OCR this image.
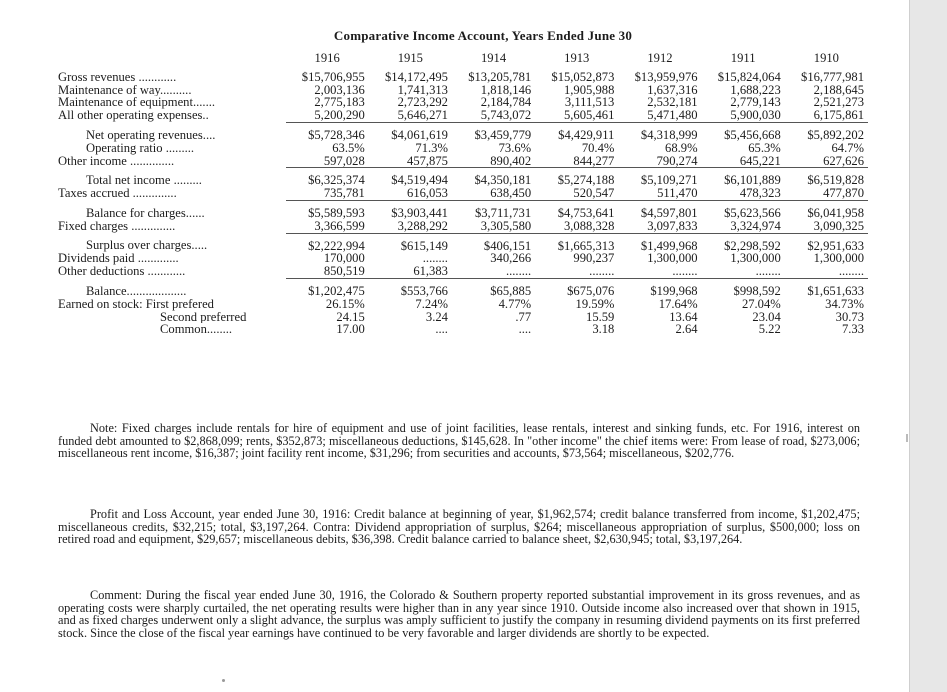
Comparative Income Account, Years Ended June 30
	1916	1915	1914	1913	1912	1911	1910
Gross revenues ............	$15,706,955	$14,172,495	$13,205,781	$15,052,873	$13,959,976	$15,824,064	$16,777,981
Maintenance of way..........	2,003,136	1,741,313	1,818,146	1,905,988	1,637,316	1,688,223	2,188,645
Maintenance of equipment.......	2,775,183	2,723,292	2,184,784	3,111,513	2,532,181	2,779,143	2,521,273
All other operating expenses..	5,200,290	5,646,271	5,743,072	5,605,461	5,471,480	5,900,030	6,175,861
Net operating revenues....	$5,728,346	$4,061,619	$3,459,779	$4,429,911	$4,318,999	$5,456,668	$5,892,202
Operating ratio .........	63.5%	71.3%	73.6%	70.4%	68.9%	65.3%	64.7%
Other income ..............	597,028	457,875	890,402	844,277	790,274	645,221	627,626
Total net income .........	$6,325,374	$4,519,494	$4,350,181	$5,274,188	$5,109,271	$6,101,889	$6,519,828
Taxes accrued ..............	735,781	616,053	638,450	520,547	511,470	478,323	477,870
Balance for charges......	$5,589,593	$3,903,441	$3,711,731	$4,753,641	$4,597,801	$5,623,566	$6,041,958
Fixed charges ..............	3,366,599	3,288,292	3,305,580	3,088,328	3,097,833	3,324,974	3,090,325
Surplus over charges.....	$2,222,994	$615,149	$406,151	$1,665,313	$1,499,968	$2,298,592	$2,951,633
Dividends paid .............	170,000	........	340,266	990,237	1,300,000	1,300,000	1,300,000
Other deductions ............	850,519	61,383	........	........	........	........	........
Balance...................	$1,202,475	$553,766	$65,885	$675,076	$199,968	$998,592	$1,651,633
Earned on stock: First prefered	26.15%	7.24%	4.77%	19.59%	17.64%	27.04%	34.73%
Second preferred	24.15	3.24	.77	15.59	13.64	23.04	30.73
Common........	17.00	....	....	3.18	2.64	5.22	7.33

Note: Fixed charges include rentals for hire of equipment and use of joint facilities, lease rentals, interest and sinking funds, etc. For 1916, interest on funded debt amounted to $2,868,099; rents, $352,873; miscellaneous deductions, $145,628. In "other income" the chief items were: From lease of road, $273,006; miscellaneous rent income, $16,387; joint facility rent income, $31,296; from securities and accounts, $73,564; miscellaneous, $202,776.

Profit and Loss Account, year ended June 30, 1916: Credit balance at beginning of year, $1,962,574; credit balance transferred from income, $1,202,475; miscellaneous credits, $32,215; total, $3,197,264. Contra: Dividend appropriation of surplus, $264; miscellaneous appropriation of surplus, $500,000; loss on retired road and equipment, $29,657; miscellaneous debits, $36,398. Credit balance carried to balance sheet, $2,630,945; total, $3,197,264.

Comment: During the fiscal year ended June 30, 1916, the Colorado & Southern property reported substantial improvement in its gross revenues, and as operating costs were sharply curtailed, the net operating results were higher than in any year since 1910. Outside income also increased over that shown in 1915, and as fixed charges underwent only a slight advance, the surplus was amply sufficient to justify the company in resuming dividend payments on its first preferred stock. Since the close of the fiscal year earnings have continued to be very favorable and larger dividends are shortly to be expected.
